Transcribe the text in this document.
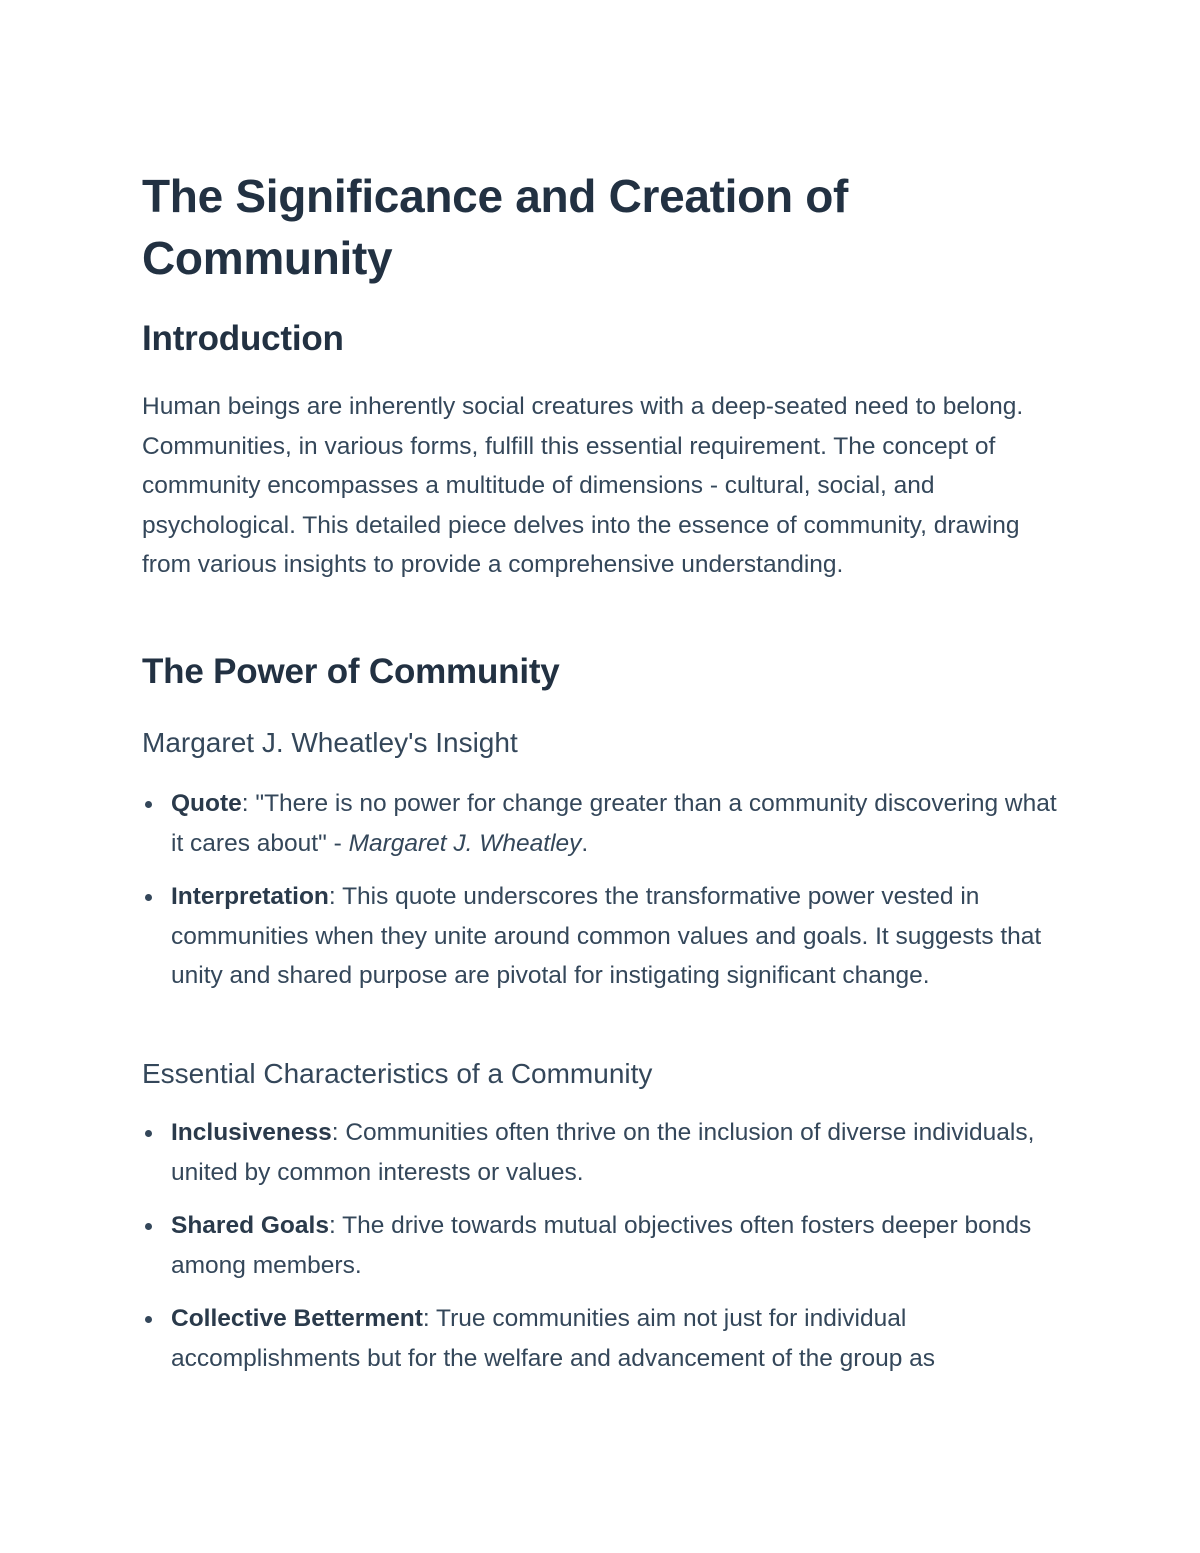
The Significance and Creation of Community
Introduction

Human beings are inherently social creatures with a deep-seated need to belong. Communities, in various forms, fulfill this essential requirement. The concept of community encompasses a multitude of dimensions - cultural, social, and psychological. This detailed piece delves into the essence of community, drawing from various insights to provide a comprehensive understanding.

The Power of Community
Margaret J. Wheatley's Insight
Quote: "There is no power for change greater than a community discovering what it cares about" - Margaret J. Wheatley.
Interpretation: This quote underscores the transformative power vested in communities when they unite around common values and goals. It suggests that unity and shared purpose are pivotal for instigating significant change.
Essential Characteristics of a Community
Inclusiveness: Communities often thrive on the inclusion of diverse individuals, united by common interests or values.
Shared Goals: The drive towards mutual objectives often fosters deeper bonds among members.
Collective Betterment: True communities aim not just for individual accomplishments but for the welfare and advancement of the group as
